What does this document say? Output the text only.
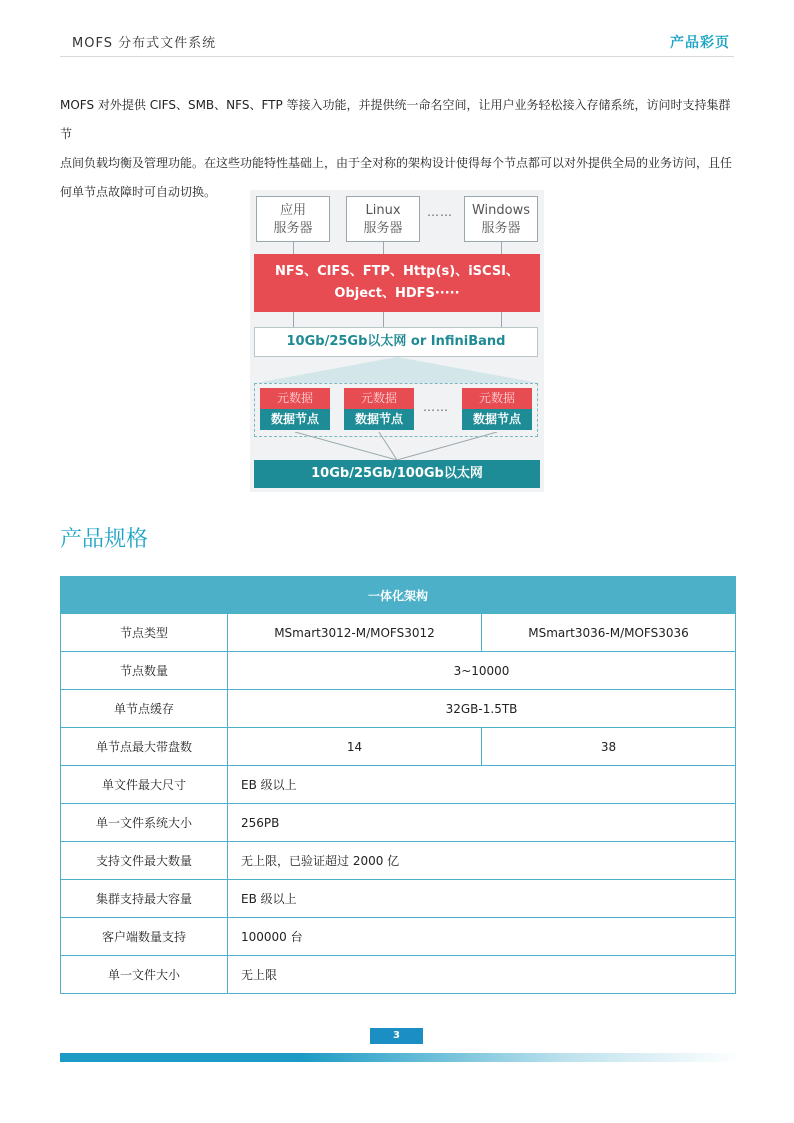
MOFS 分布式文件系统	产品彩页

MOFS 对外提供 CIFS、SMB、NFS、FTP 等接入功能，并提供统一命名空间，让用户业务轻松接入存储系统，访问时支持集群节

点间负载均衡及管理功能。在这些功能特性基础上，由于全对称的架构设计使得每个节点都可以对外提供全局的业务访问，且任

何单节点故障时可自动切换。

应用
服务器
Linux
服务器
……	Windows
服务器
NFS、CIFS、FTP、Http(s)、iSCSI、
Object、HDFS·····
10Gb/25Gb以太网 or InfiniBand
元数据
数据节点
元数据
数据节点
……
元数据
数据节点
10Gb/25Gb/100Gb以太网
产品规格
一体化架构		
节点类型	MSmart3012-M/MOFS3012	MSmart3036-M/MOFS3036
节点数量	3~10000	
单节点缓存	32GB-1.5TB	
单节点最大带盘数	14	38
单文件最大尺寸	EB 级以上	
单一文件系统大小	256PB	
支持文件最大数量	无上限，已验证超过 2000 亿	
集群支持最大容量	EB 级以上	
客户端数量支持	100000 台	
单一文件大小	无上限	
3
